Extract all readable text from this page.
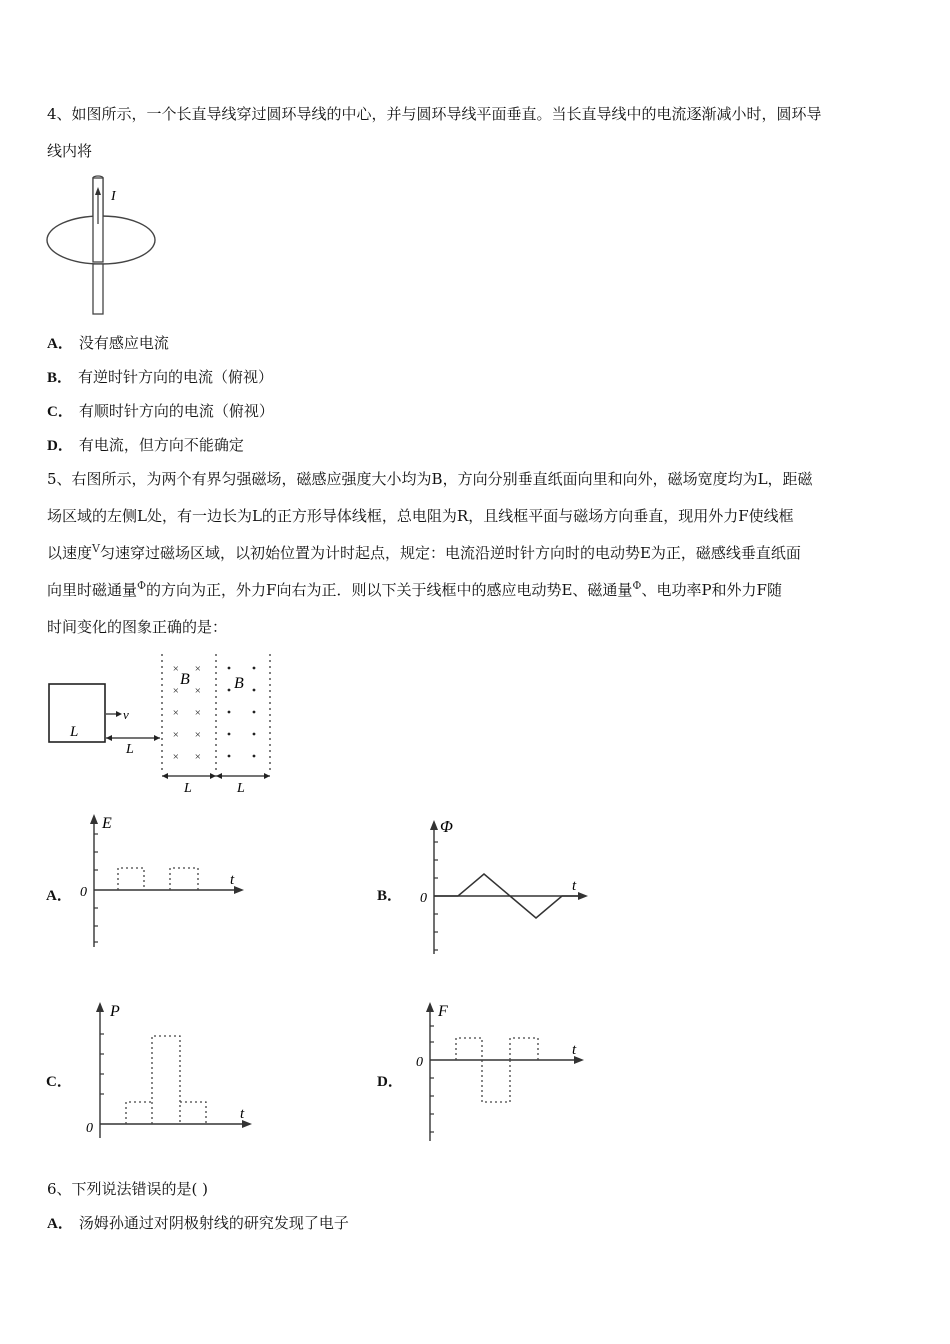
4、如图所示，一个长直导线穿过圆环导线的中心，并与圆环导线平面垂直。当长直导线中的电流逐渐减小时，圆环导
线内将
I
A． 没有感应电流
B． 有逆时针方向的电流（俯视）
C． 有顺时针方向的电流（俯视）
D． 有电流，但方向不能确定
5、右图所示，为两个有界匀强磁场，磁感应强度大小均为B，方向分别垂直纸面向里和向外，磁场宽度均为L，距磁
场区域的左侧L处，有一边长为L的正方形导体线框，总电阻为R，且线框平面与磁场方向垂直，现用外力F使线框
以速度$^V$匀速穿过磁场区域，以初始位置为计时起点，规定：电流沿逆时针方向时的电动势E为正，磁感线垂直纸面
向里时磁通量$^\Phi$的方向为正，外力F向右为正．则以下关于线框中的感应电动势E、磁通量$^\Phi$、电功率P和外力F随
时间变化的图象正确的是：
L
v
L
× ×
× ×
× ×
× ×
× ×
B	B
L	L
A．
E
t
0	B．
Φ
t
0
C．
P
t
0
D．
F
t
0
6、下列说法错误的是( )
A． 汤姆孙通过对阴极射线的研究发现了电子
